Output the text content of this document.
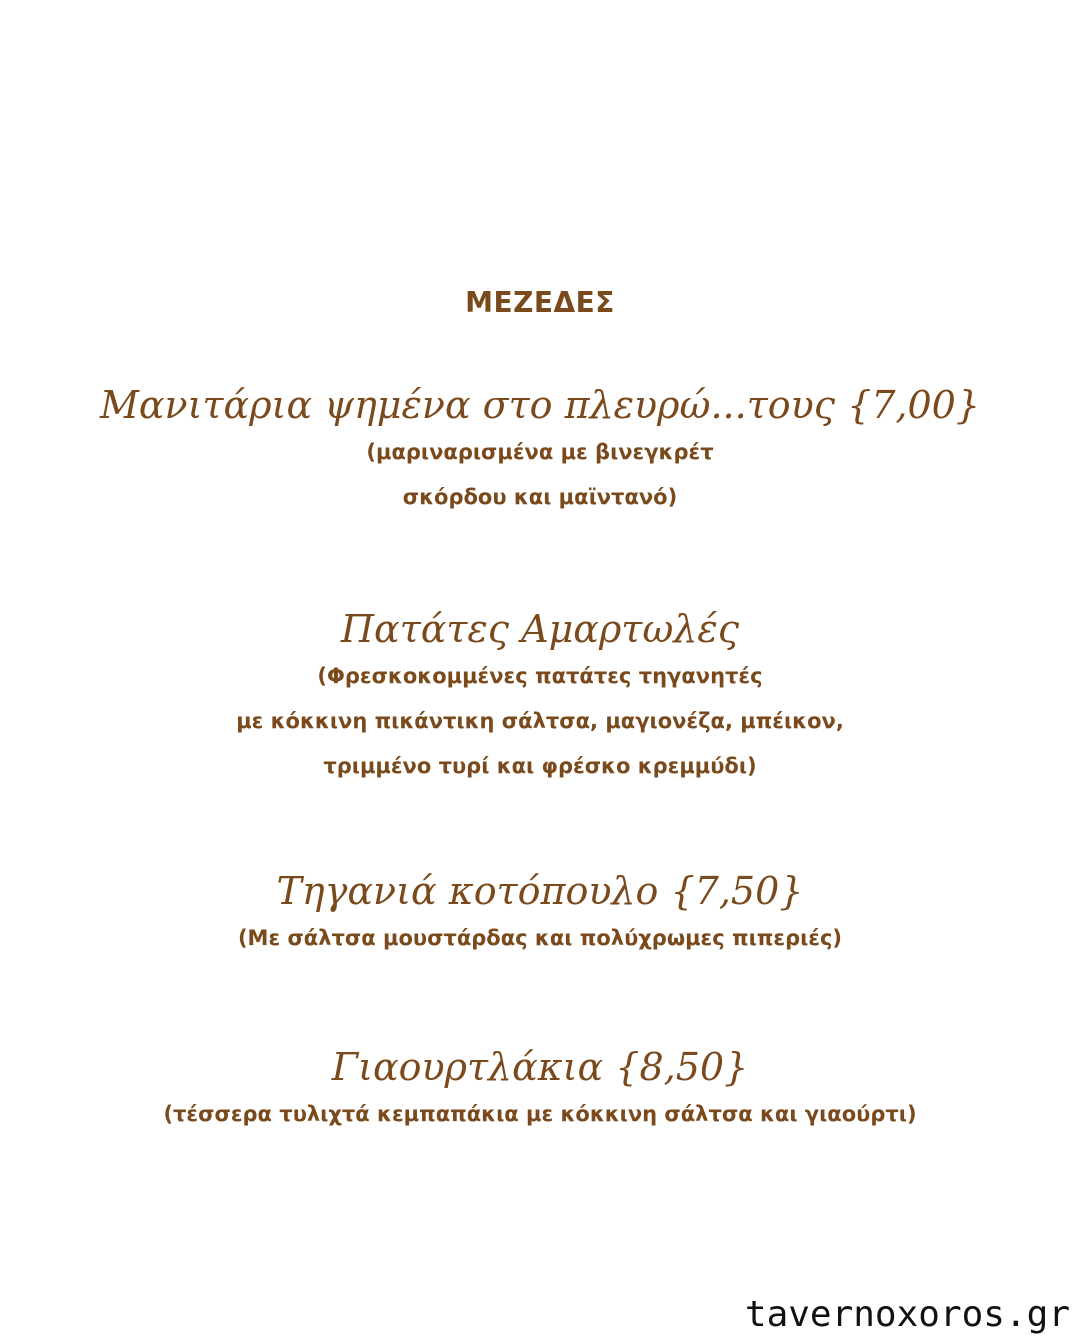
ΜΕΖΕΔΕΣ
Μανιτάρια ψημένα στο πλευρώ...τους {7,00}
(μαριναρισμένα με βινεγκρέτ
σκόρδου και μαϊντανό)
Πατάτες Αμαρτωλές
(Φρεσκοκομμένες πατάτες τηγανητές
με κόκκινη πικάντικη σάλτσα, μαγιονέζα, μπέικον,
τριμμένο τυρί και φρέσκο κρεμμύδι)
Τηγανιά κοτόπουλο {7,50}
(Με σάλτσα μουστάρδας και πολύχρωμες πιπεριές)
Γιαουρτλάκια {8,50}
(τέσσερα τυλιχτά κεμπαπάκια με κόκκινη σάλτσα και γιαούρτι)
tavernoxoros.gr
